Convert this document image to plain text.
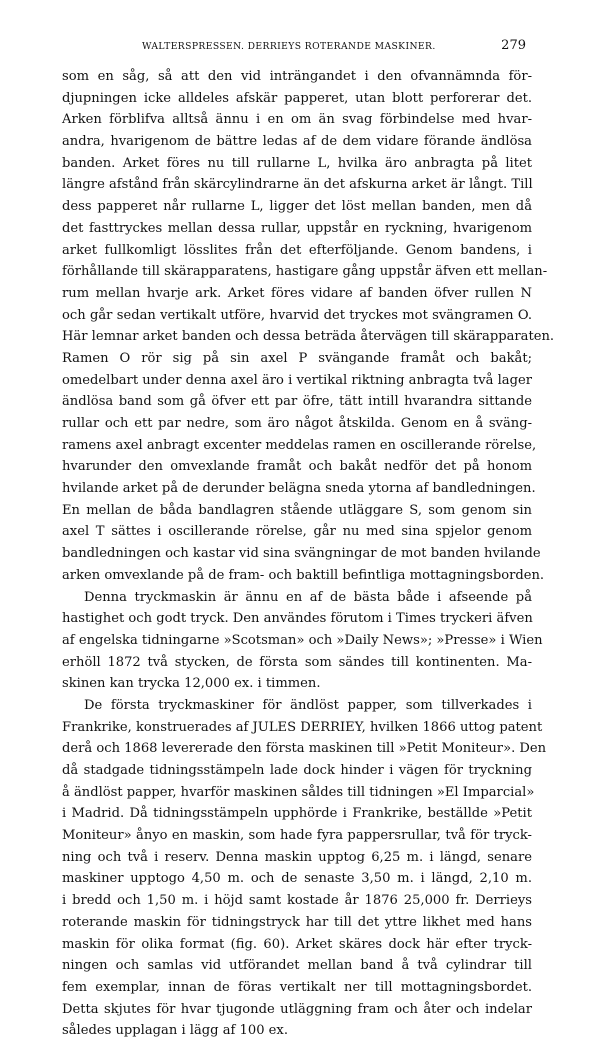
WALTERSPRESSEN. DERRIEYS ROTERANDE MASKINER.	279

som en såg, så att den vid inträngandet i den ofvannämnda för-
djupningen icke alldeles afskär papperet, utan blott perforerar det.
Arken förblifva alltså ännu i en om än svag förbindelse med hvar-
andra, hvarigenom de bättre ledas af de dem vidare förande ändlösa
banden. Arket föres nu till rullarne L, hvilka äro anbragta på litet
längre afstånd från skärcylindrarne än det afskurna arket är långt. Till
dess papperet når rullarne L, ligger det löst mellan banden, men då
det fasttryckes mellan dessa rullar, uppstår en ryckning, hvarigenom
arket fullkomligt lösslites från det efterföljande. Genom bandens, i
förhållande till skärapparatens, hastigare gång uppstår äfven ett mellan-
rum mellan hvarje ark. Arket föres vidare af banden öfver rullen N
och går sedan vertikalt utföre, hvarvid det tryckes mot svängramen O.
Här lemnar arket banden och dessa beträda återvägen till skärapparaten.
Ramen O rör sig på sin axel P svängande framåt och bakåt;
omedelbart under denna axel äro i vertikal riktning anbragta två lager
ändlösa band som gå öfver ett par öfre, tätt intill hvarandra sittande
rullar och ett par nedre, som äro något åtskilda. Genom en å sväng-
ramens axel anbragt excenter meddelas ramen en oscillerande rörelse,
hvarunder den omvexlande framåt och bakåt nedför det på honom
hvilande arket på de derunder belägna sneda ytorna af bandledningen.
En mellan de båda bandlagren stående utläggare S, som genom sin
axel T sättes i oscillerande rörelse, går nu med sina spjelor genom
bandledningen och kastar vid sina svängningar de mot banden hvilande
arken omvexlande på de fram- och baktill befintliga mottagningsborden.

Denna tryckmaskin är ännu en af de bästa både i afseende på
hastighet och godt tryck. Den användes förutom i Times tryckeri äfven
af engelska tidningarne »Scotsman» och »Daily News»; »Presse» i Wien
erhöll 1872 två stycken, de första som sändes till kontinenten. Ma-
skinen kan trycka 12,000 ex. i timmen.

De första tryckmaskiner för ändlöst papper, som tillverkades i
Frankrike, konstruerades af JULES DERRIEY, hvilken 1866 uttog patent
derå och 1868 levererade den första maskinen till »Petit Moniteur». Den
då stadgade tidningsstämpeln lade dock hinder i vägen för tryckning
å ändlöst papper, hvarför maskinen såldes till tidningen »El Imparcial»
i Madrid. Då tidningsstämpeln upphörde i Frankrike, beställde »Petit
Moniteur» ånyo en maskin, som hade fyra pappersrullar, två för tryck-
ning och två i reserv. Denna maskin upptog 6,25 m. i längd, senare
maskiner upptogo 4,50 m. och de senaste 3,50 m. i längd, 2,10 m.
i bredd och 1,50 m. i höjd samt kostade år 1876 25,000 fr. Derrieys
roterande maskin för tidningstryck har till det yttre likhet med hans
maskin för olika format (fig. 60). Arket skäres dock här efter tryck-
ningen och samlas vid utförandet mellan band å två cylindrar till
fem exemplar, innan de föras vertikalt ner till mottagningsbordet.
Detta skjutes för hvar tjugonde utläggning fram och åter och indelar
således upplagan i lägg af 100 ex.
